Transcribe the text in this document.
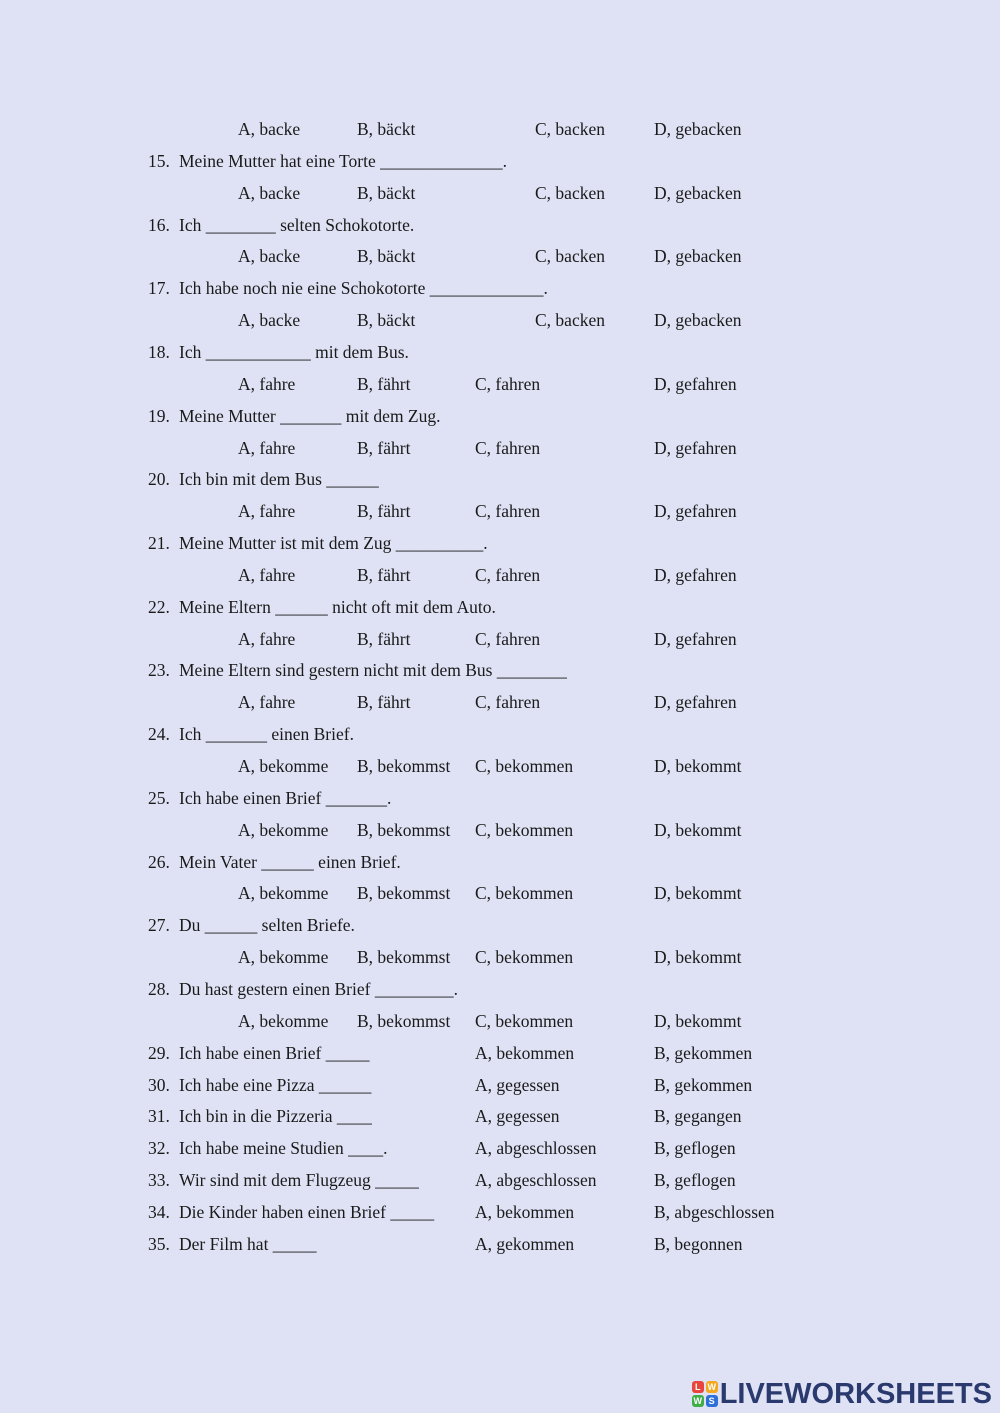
A, backe	B, bäckt	C, backen	D, gebacken
15. Meine Mutter hat eine Torte ______________.
A, backe	B, bäckt	C, backen	D, gebacken
16. Ich ________ selten Schokotorte.
A, backe	B, bäckt	C, backen	D, gebacken
17. Ich habe noch nie eine Schokotorte _____________.
A, backe	B, bäckt	C, backen	D, gebacken
18. Ich ____________ mit dem Bus.
A, fahre	B, fährt	C, fahren	D, gefahren
19. Meine Mutter _______ mit dem Zug.
A, fahre	B, fährt	C, fahren	D, gefahren
20. Ich bin mit dem Bus ______
A, fahre	B, fährt	C, fahren	D, gefahren
21. Meine Mutter ist mit dem Zug __________.
A, fahre	B, fährt	C, fahren	D, gefahren
22. Meine Eltern ______ nicht oft mit dem Auto.
A, fahre	B, fährt	C, fahren	D, gefahren
23. Meine Eltern sind gestern nicht mit dem Bus ________
A, fahre	B, fährt	C, fahren	D, gefahren
24. Ich _______ einen Brief.
A, bekomme B, bekommst C, bekommen	D, bekommt
25. Ich habe einen Brief _______.
A, bekomme B, bekommst C, bekommen	D, bekommt
26. Mein Vater ______ einen Brief.
A, bekomme B, bekommst C, bekommen	D, bekommt
27. Du ______ selten Briefe.
A, bekomme B, bekommst C, bekommen	D, bekommt
28. Du hast gestern einen Brief _________.
A, bekomme B, bekommst C, bekommen	D, bekommt
29. Ich habe einen Brief _____	A, bekommen	B, gekommen
30. Ich habe eine Pizza ______	A, gegessen	B, gekommen
31. Ich bin in die Pizzeria ____	A, gegessen	B, gegangen
32. Ich habe meine Studien ____.	A, abgeschlossen	B, geflogen
33. Wir sind mit dem Flugzeug _____	A, abgeschlossen	B, geflogen
34. Die Kinder haben einen Brief _____ A, bekommen	B, abgeschlossen
35. Der Film hat _____	A, gekommen	B, begonnen
L W
W S LIVEWORKSHEETS
